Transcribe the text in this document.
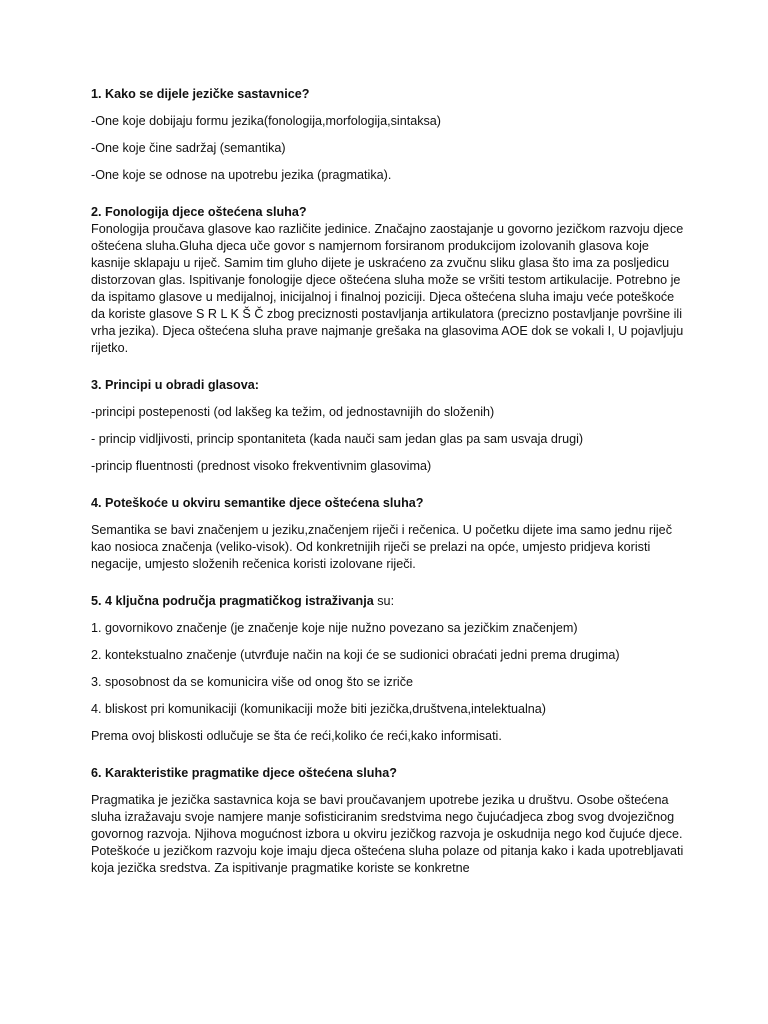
1. Kako se dijele jezičke sastavnice?

-One koje dobijaju formu jezika(fonologija,morfologija,sintaksa)

-One koje čine sadržaj (semantika)

-One koje se odnose na upotrebu jezika (pragmatika).

2. Fonologija djece oštećena sluha?

Fonologija proučava glasove kao različite jedinice. Značajno zaostajanje u govorno jezičkom razvoju djece oštećena sluha.Gluha djeca uče govor s namjernom forsiranom produkcijom izolovanih glasova koje kasnije sklapaju u riječ. Samim tim gluho dijete je uskraćeno za zvučnu sliku glasa što ima za posljedicu distorzovan glas. Ispitivanje fonologije djece oštećena sluha može se vršiti testom artikulacije. Potrebno je da ispitamo glasove u medijalnoj, inicijalnoj i finalnoj poziciji. Djeca oštećena sluha imaju veće poteškoće da koriste glasove S R L K Š Č zbog preciznosti postavljanja artikulatora (precizno postavljanje površine ili vrha jezika). Djeca oštećena sluha prave najmanje grešaka na glasovima AOE dok se vokali I, U pojavljuju rijetko.

3. Principi u obradi glasova:

-principi postepenosti (od lakšeg ka težim, od jednostavnijih do složenih)

- princip vidljivosti, princip spontaniteta (kada nauči sam jedan glas pa sam usvaja drugi)

-princip fluentnosti (prednost visoko frekventivnim glasovima)

4. Poteškoće u okviru semantike djece oštećena sluha?

Semantika se bavi značenjem u jeziku,značenjem riječi i rečenica. U početku dijete ima samo jednu riječ kao nosioca značenja (veliko-visok). Od konkretnijih riječi se prelazi na opće, umjesto pridjeva koristi negacije, umjesto složenih rečenica koristi izolovane riječi.

5. 4 ključna područja pragmatičkog istraživanja su:

1. govornikovo značenje (je značenje koje nije nužno povezano sa jezičkim značenjem)

2. kontekstualno značenje (utvrđuje način na koji će se sudionici obraćati jedni prema drugima)

3. sposobnost da se komunicira više od onog što se izriče

4. bliskost pri komunikaciji (komunikaciji može biti jezička,društvena,intelektualna)

Prema ovoj bliskosti odlučuje se šta će reći,koliko će reći,kako informisati.

6. Karakteristike pragmatike djece oštećena sluha?

Pragmatika je jezička sastavnica koja se bavi proučavanjem upotrebe jezika u društvu. Osobe oštećena sluha izražavaju svoje namjere manje sofisticiranim sredstvima nego čujućadjeca zbog svog dvojezičnog govornog razvoja. Njihova mogućnost izbora u okviru jezičkog razvoja je oskudnija nego kod čujuće djece. Poteškoće u jezičkom razvoju koje imaju djeca oštećena sluha polaze od pitanja kako i kada upotrebljavati koja jezička sredstva. Za ispitivanje pragmatike koriste se konkretne
